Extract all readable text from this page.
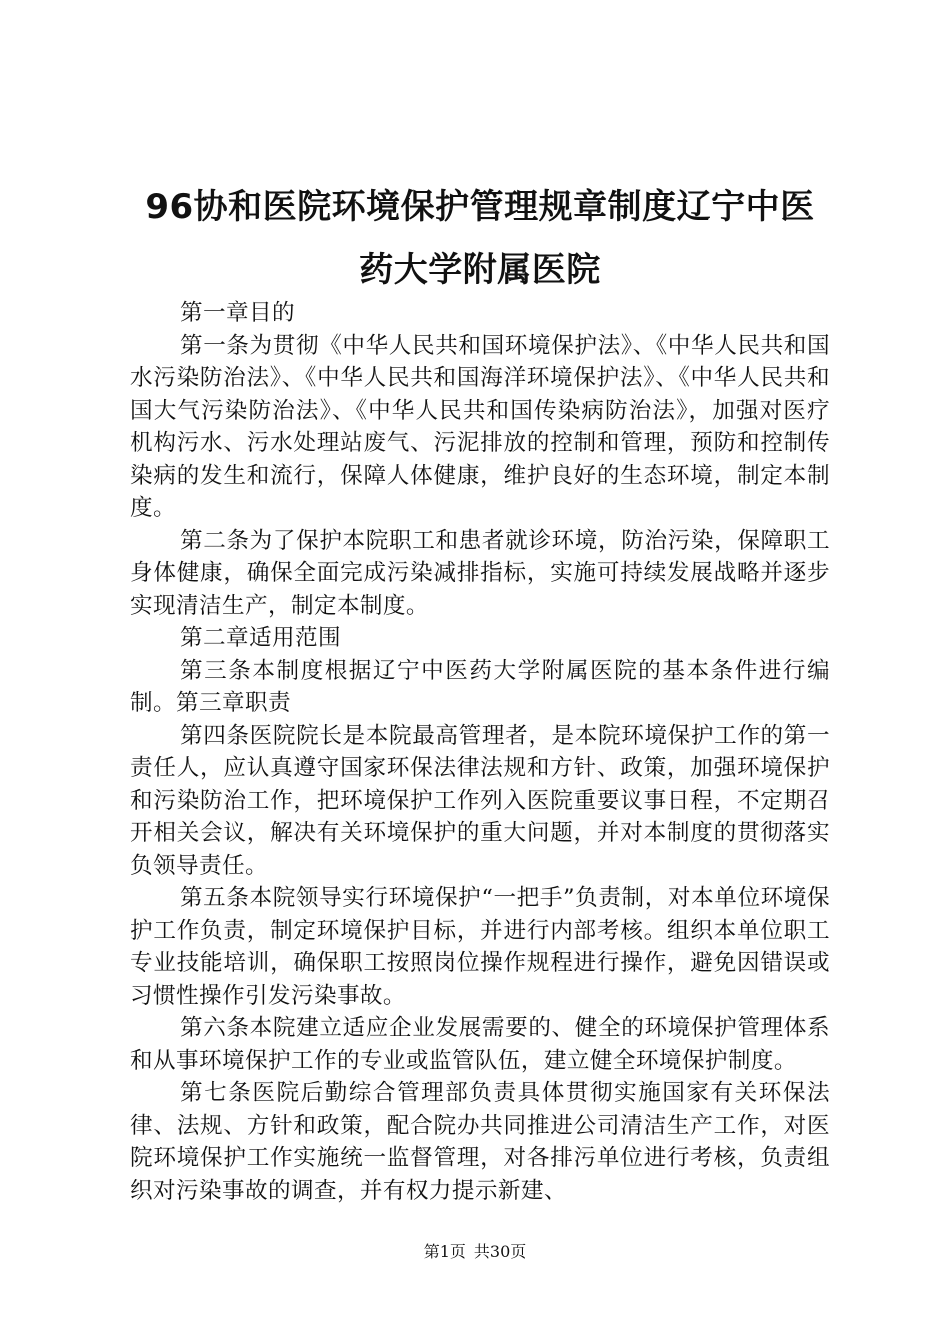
96协和医院环境保护管理规章制度辽宁中医
药大学附属医院

第一章目的

第一条为贯彻《中华人民共和国环境保护法》、《中华人民共和国水污染防治法》、《中华人民共和国海洋环境保护法》、《中华人民共和国大气污染防治法》、《中华人民共和国传染病防治法》，加强对医疗机构污水、污水处理站废气、污泥排放的控制和管理，预防和控制传染病的发生和流行，保障人体健康，维护良好的生态环境，制定本制度。

第二条为了保护本院职工和患者就诊环境，防治污染，保障职工身体健康，确保全面完成污染减排指标，实施可持续发展战略并逐步实现清洁生产，制定本制度。

第二章适用范围

第三条本制度根据辽宁中医药大学附属医院的基本条件进行编制。第三章职责

第四条医院院长是本院最高管理者，是本院环境保护工作的第一责任人，应认真遵守国家环保法律法规和方针、政策，加强环境保护和污染防治工作，把环境保护工作列入医院重要议事日程，不定期召开相关会议，解决有关环境保护的重大问题，并对本制度的贯彻落实负领导责任。

第五条本院领导实行环境保护“一把手”负责制，对本单位环境保护工作负责，制定环境保护目标，并进行内部考核。组织本单位职工专业技能培训，确保职工按照岗位操作规程进行操作，避免因错误或习惯性操作引发污染事故。

第六条本院建立适应企业发展需要的、健全的环境保护管理体系和从事环境保护工作的专业或监管队伍，建立健全环境保护制度。

第七条医院后勤综合管理部负责具体贯彻实施国家有关环保法律、法规、方针和政策，配合院办共同推进公司清洁生产工作，对医院环境保护工作实施统一监督管理，对各排污单位进行考核，负责组织对污染事故的调查，并有权力提示新建、

第1页 共30页
